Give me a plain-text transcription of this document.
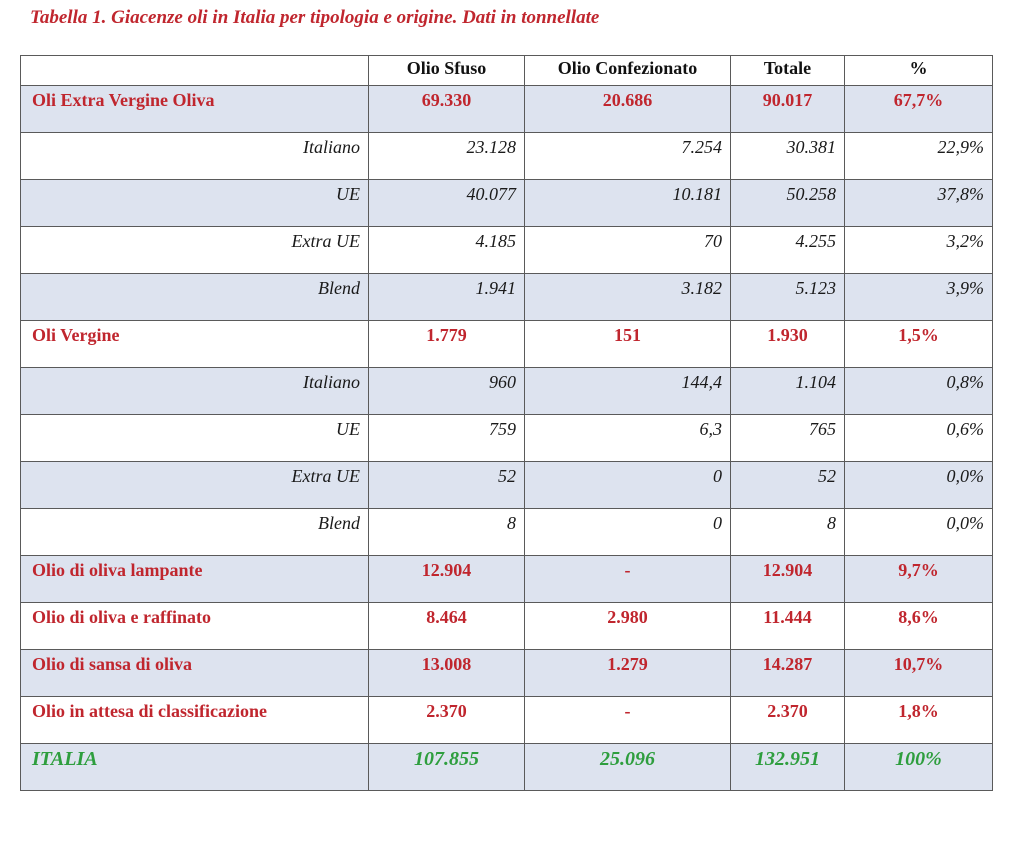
Tabella 1. Giacenze oli in Italia per tipologia e origine. Dati in tonnellate
	Olio Sfuso	Olio Confezionato	Totale	%
Oli Extra Vergine Oliva	69.330	20.686	90.017	67,7%
Italiano	23.128	7.254	30.381	22,9%
UE	40.077	10.181	50.258	37,8%
Extra UE	4.185	70	4.255	3,2%
Blend	1.941	3.182	5.123	3,9%
Oli Vergine	1.779	151	1.930	1,5%
Italiano	960	144,4	1.104	0,8%
UE	759	6,3	765	0,6%
Extra UE	52	0	52	0,0%
Blend	8	0	8	0,0%
Olio di oliva lampante	12.904	-	12.904	9,7%
Olio di oliva e raffinato	8.464	2.980	11.444	8,6%
Olio di sansa di oliva	13.008	1.279	14.287	10,7%
Olio in attesa di classificazione	2.370	-	2.370	1,8%
ITALIA	107.855	25.096	132.951	100%
